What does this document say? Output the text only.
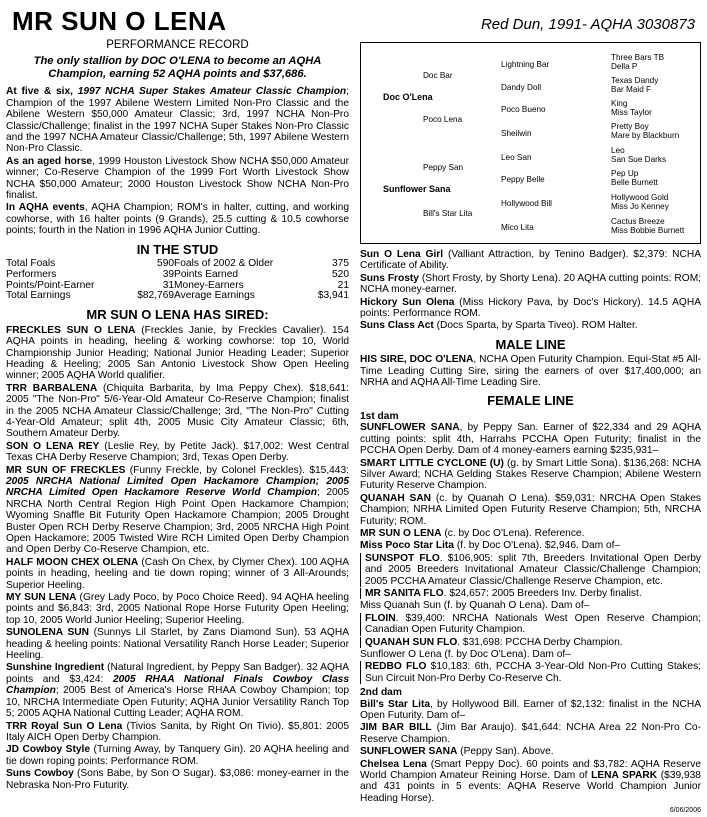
MR SUN O LENA	Red Dun, 1991- AQHA 3030873
PERFORMANCE RECORD
The only stallion by DOC O'LENA to become an AQHA Champion, earning 52 AQHA points and $37,686.

At five & six, 1997 NCHA Super Stakes Amateur Classic Champion; Champion of the 1997 Abilene Western Limited Non-Pro Classic and the Abilene Western $50,000 Amateur Classic; 3rd, 1997 NCHA Non-Pro Classic/Challenge; finalist in the 1997 NCHA Super Stakes Non-Pro Classic and the 1997 NCHA Amateur Classic/Challenge; 5th, 1997 Abilene Western Non-Pro Classic.

As an aged horse, 1999 Houston Livestock Show NCHA $50,000 Amateur winner; Co-Reserve Champion of the 1999 Fort Worth Livestock Show NCHA $50,000 Amateur; 2000 Houston Livestock Show NCHA Non-Pro finalist.

In AQHA events, AQHA Champion; ROM's in halter, cutting, and working cowhorse, with 16 halter points (9 Grands), 25.5 cutting & 10.5 cowhorse points; fourth in the Nation in 1996 AQHA Junior Cutting.

IN THE STUD
Total Foals	590	Foals of 2002 & Older	375
Performers	39	Points Earned	520
Points/Point-Earner	31	Money-Earners	21
Total Earnings	$82,769	Average Earnings	$3,941
MR SUN O LENA HAS SIRED:

FRECKLES SUN O LENA (Freckles Janie, by Freckles Cavalier). 154 AQHA points in heading, heeling & working cowhorse: top 10, World Championship Junior Heading; National Junior Heading Leader; Superior Heading & Heeling; 2005 San Antonio Livestock Show Open Heeling winner; 2005 AQHA World qualifier.

TRR BARBALENA (Chiquita Barbarita, by Ima Peppy Chex). $18,641: 2005 "The Non-Pro" 5/6-Year-Old Amateur Co-Reserve Champion; finalist in the 2005 NCHA Amateur Classic/Challenge; 3rd, "The Non-Pro" Cutting 4-Year-Old Amateur; split 4th, 2005 Music City Amateur Classic; 6th, Southern Amateur Derby.

SON O LENA REY (Leslie Rey, by Petite Jack). $17,002: West Central Texas CHA Derby Reserve Champion; 3rd, Texas Open Derby.

MR SUN OF FRECKLES (Funny Freckle, by Colonel Freckles). $15,443: 2005 NRCHA National Limited Open Hackamore Champion; 2005 NRCHA Limited Open Hackamore Reserve World Champion; 2005 NRCHA North Central Region High Point Open Hackamore Champion; Wyoming Snaffle Bit Futurity Open Hackamore Champion; 2005 Drought Buster Open RCH Derby Reserve Champion; 3rd, 2005 NRCHA High Point Open Hackamore; 2005 Twisted Wire RCH Limited Open Derby Champion and Open Derby Co-Reserve Champion, etc.

HALF MOON CHEX OLENA (Cash On Chex, by Clymer Chex). 100 AQHA points in heading, heeling and tie down roping; winner of 3 All-Arounds; Superior Heeling.

MY SUN LENA (Grey Lady Poco, by Poco Choice Reed). 94 AQHA heeling points and $6,843: 3rd, 2005 National Rope Horse Futurity Open Heeling; top 10, 2005 World Junior Heeling; Superior Heeling.

SUNOLENA SUN (Sunnys Lil Starlet, by Zans Diamond Sun). 53 AQHA heading & heeling points: National Versatility Ranch Horse Leader; Superior Heeling.

Sunshine Ingredient (Natural Ingredient, by Peppy San Badger). 32 AQHA points and $3,424: 2005 RHAA National Finals Cowboy Class Champion; 2005 Best of America's Horse RHAA Cowboy Champion; top 10, NRCHA Intermediate Open Futurity; AQHA Junior Versatility Ranch Top 5; 2005 AQHA National Cutting Leader; AQHA ROM.

TRR Royal Sun O Lena (Tivios Sanita, by Right On Tivio). $5,801: 2005 Italy AICH Open Derby Champion.

JD Cowboy Style (Turning Away, by Tanquery Gin). 20 AQHA heeling and tie down roping points: Performance ROM.

Suns Cowboy (Sons Babe, by Son O Sugar). $3,086: money-earner in the Nebraska Non-Pro Futurity.

Doc O'Lena
Sunflower Sana
Doc Bar
Poco Lena
Peppy San
Bill's Star Lita
Lightning Bar
Dandy Doll
Poco Bueno
Sheilwin
Leo San
Peppy Belle
Hollywood Bill
Mico Lita
Three Bars TB
Della P
Texas Dandy
Bar Maid F
King
Miss Taylor
Pretty Boy
Mare by Blackburn
Leo
San Sue Darks
Pep Up
Belle Burnett
Hollywood Gold
Miss Jo Kenney
Cactus Breeze
Miss Bobbie Burnett

Sun O Lena Girl (Valliant Attraction, by Tenino Badger). $2,379: NCHA Certificate of Ability.

Suns Frosty (Short Frosty, by Shorty Lena). 20 AQHA cutting points: ROM; NCHA money-earner.

Hickory Sun Olena (Miss Hickory Pava, by Doc's Hickory). 14.5 AQHA points: Performance ROM.

Suns Class Act (Docs Sparta, by Sparta Tiveo). ROM Halter.

MALE LINE

HIS SIRE, DOC O'LENA, NCHA Open Futurity Champion. Equi-Stat #5 All-Time Leading Cutting Sire, siring the earners of over $17,400,000; an NRHA and AQHA All-Time Leading Sire.

FEMALE LINE
1st dam

SUNFLOWER SANA, by Peppy San. Earner of $22,334 and 29 AQHA cutting points: split 4th, Harrahs PCCHA Open Futurity; finalist in the PCCHA Open Derby. Dam of 4 money-earners earning $235,931–

SMART LITTLE CYCLONE (U) (g. by Smart Little Sona). $136,268: NCHA Silver Award; NCHA Gelding Stakes Reserve Champion; Abilene Western Futurity Reserve Champion.

QUANAH SAN (c. by Quanah O Lena). $59,031: NRCHA Open Stakes Champion; NRHA Limited Open Futurity Reserve Champion; 5th, NRCHA Futurity; ROM.

MR SUN O LENA (c. by Doc O'Lena). Reference.

Miss Poco Star Lita (f. by Doc O'Lena). $2,946. Dam of–

SUNSPOT FLO. $106,905: split 7th, Breeders Invitational Open Derby and 2005 Breeders Invitational Amateur Classic/Challenge Champion; 2005 PCCHA Amateur Classic/Challenge Reserve Champion, etc.

MR SANITA FLO. $24,657: 2005 Breeders Inv. Derby finalist.

Miss Quanah Sun (f. by Quanah O Lena). Dam of–

FLOIN. $39,400: NRCHA Nationals West Open Reserve Champion; Canadian Open Futurity Champion.

QUANAH SUN FLO. $31,698: PCCHA Derby Champion.

Sunflower O Lena (f. by Doc O'Lena). Dam of–

REDBO FLO $10,183: 6th, PCCHA 3-Year-Old Non-Pro Cutting Stakes; Sun Circuit Non-Pro Derby Co-Reserve Ch.

2nd dam

Bill's Star Lita, by Hollywood Bill. Earner of $2,132: finalist in the NCHA Open Futurity. Dam of–

JIM BAR BILL (Jim Bar Araujo). $41,644: NCHA Area 22 Non-Pro Co-Reserve Champion.

SUNFLOWER SANA (Peppy San). Above.

Chelsea Lena (Smart Peppy Doc). 60 points and $3,782: AQHA Reserve World Champion Amateur Reining Horse. Dam of LENA SPARK ($39,938 and 431 points in 5 events: AQHA Reserve World Champion Junior Heading Horse).

6/06/2006
